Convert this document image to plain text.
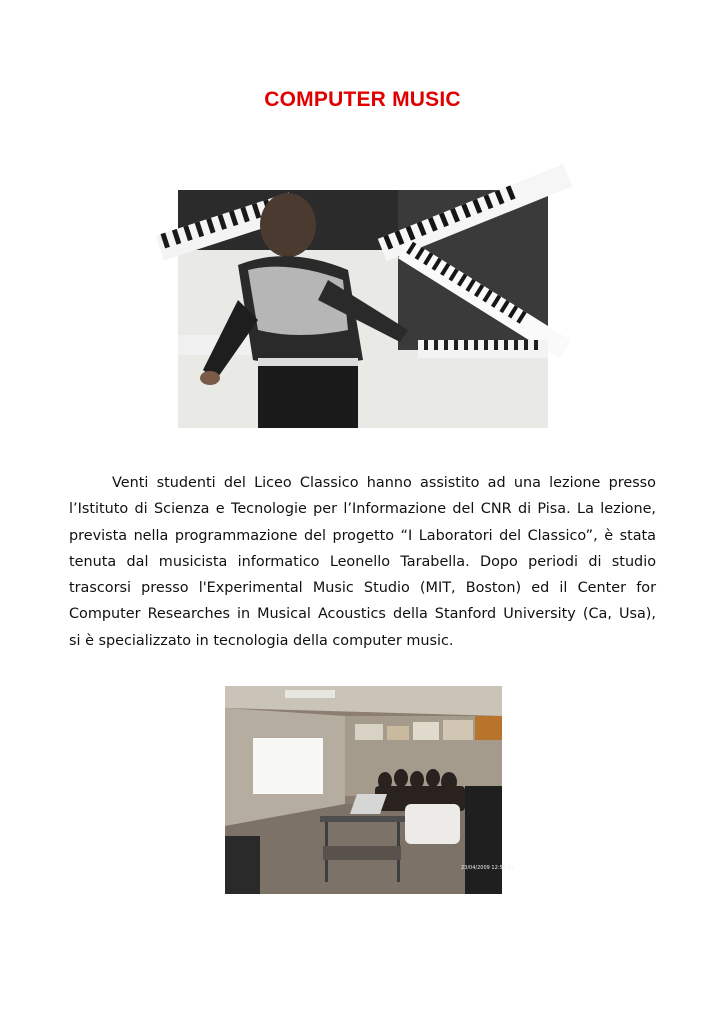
COMPUTER MUSIC
Venti studenti del Liceo Classico hanno assistito ad una lezione presso
l’Istituto di Scienza e Tecnologie per l’Informazione del CNR di Pisa. La lezione,
prevista nella programmazione del progetto “I Laboratori del Classico”, è stata
tenuta dal musicista informatico Leonello Tarabella. Dopo periodi di studio
trascorsi presso l'Experimental Music Studio (MIT, Boston) ed il Center for
Computer Researches in Musical Acoustics della Stanford University (Ca, Usa),
si è specializzato in tecnologia della computer music.
23/04/2009 12:55:21
